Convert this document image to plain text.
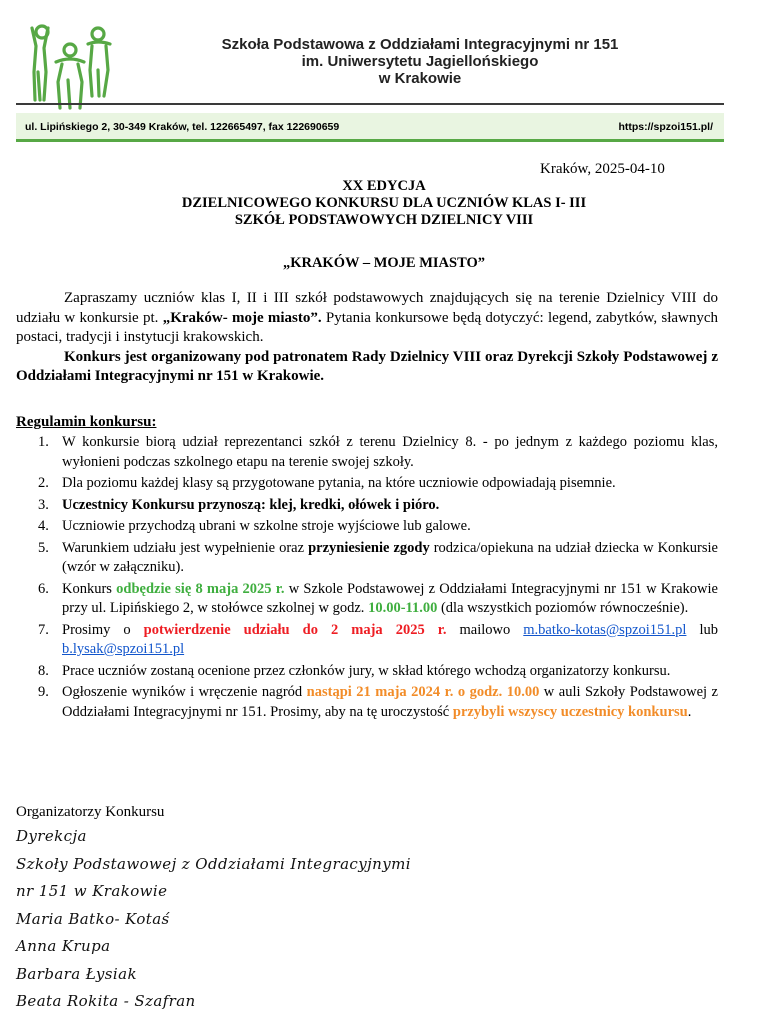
Szkoła Podstawowa z Oddziałami Integracyjnymi nr 151
im. Uniwersytetu Jagiellońskiego
w Krakowie
ul. Lipińskiego 2, 30-349 Kraków, tel. 122665497, fax 122690659	https://spzoi151.pl/
Kraków, 2025-04-10
XX EDYCJA
DZIELNICOWEGO KONKURSU DLA UCZNIÓW KLAS I- III
SZKÓŁ PODSTAWOWYCH DZIELNICY VIII
„KRAKÓW – MOJE MIASTO”

Zapraszamy uczniów klas I, II i III szkół podstawowych znajdujących się na terenie Dzielnicy VIII do udziału w konkursie pt. „Kraków- moje miasto”. Pytania konkursowe będą dotyczyć: legend, zabytków, sławnych postaci, tradycji i instytucji krakowskich.

Konkurs jest organizowany pod patronatem Rady Dzielnicy VIII oraz Dyrekcji Szkoły Podstawowej z Oddziałami Integracyjnymi nr 151 w Krakowie.

Regulamin konkursu:
1. W konkursie biorą udział reprezentanci szkół z terenu Dzielnicy 8. - po jednym z każdego poziomu klas, wyłonieni podczas szkolnego etapu na terenie swojej szkoły.
2. Dla poziomu każdej klasy są przygotowane pytania, na które uczniowie odpowiadają pisemnie.
3. Uczestnicy Konkursu przynoszą: klej, kredki, ołówek i pióro.
4. Uczniowie przychodzą ubrani w szkolne stroje wyjściowe lub galowe.
5. Warunkiem udziału jest wypełnienie oraz przyniesienie zgody rodzica/opiekuna na udział dziecka w Konkursie (wzór w załączniku).
6. Konkurs odbędzie się 8 maja 2025 r. w Szkole Podstawowej z Oddziałami Integracyjnymi nr 151 w Krakowie przy ul. Lipińskiego 2, w stołówce szkolnej w godz. 10.00-11.00 (dla wszystkich poziomów równocześnie).
7. Prosimy o potwierdzenie udziału do 2 maja 2025 r. mailowo m.batko-kotas@spzoi151.pl lub b.lysak@spzoi151.pl
8. Prace uczniów zostaną ocenione przez członków jury, w skład którego wchodzą organizatorzy konkursu.
9. Ogłoszenie wyników i wręczenie nagród nastąpi 21 maja 2024 r. o godz. 10.00 w auli Szkoły Podstawowej z Oddziałami Integracyjnymi nr 151. Prosimy, aby na tę uroczystość przybyli wszyscy uczestnicy konkursu.
Organizatorzy Konkursu
Dyrekcja
Szkoły Podstawowej z Oddziałami Integracyjnymi
nr 151 w Krakowie
Maria Batko- Kotaś
Anna Krupa
Barbara Łysiak
Beata Rokita - Szafran
